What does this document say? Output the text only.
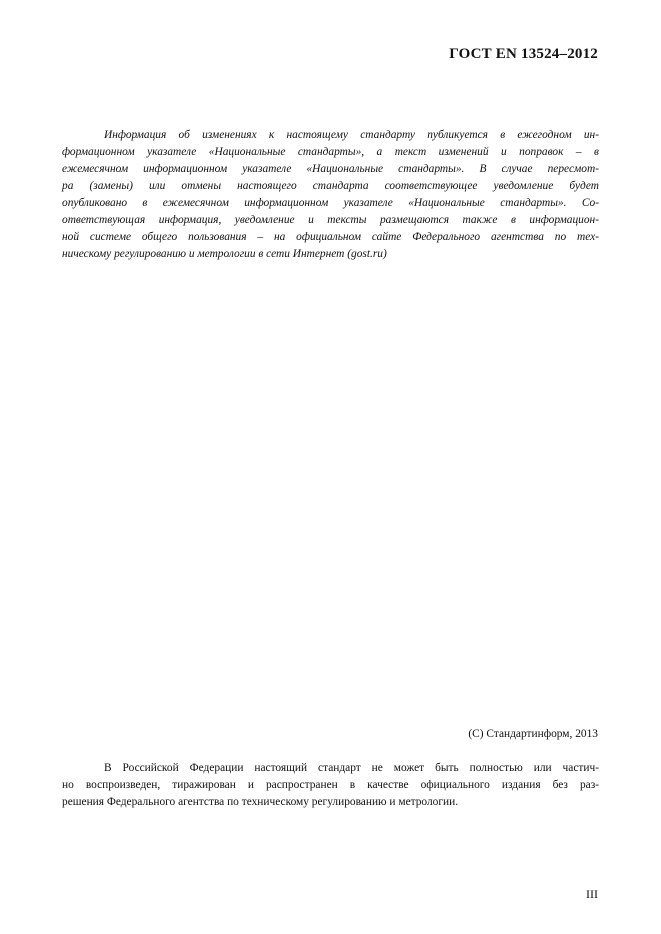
ГОСТ EN 13524–2012
Информация об изменениях к настоящему стандарту публикуется в ежегодном ин-
формационном указателе «Национальные стандарты», а текст изменений и поправок – в
ежемесячном информационном указателе «Национальные стандарты». В случае пересмот-
ра (замены) или отмены настоящего стандарта соответствующее уведомление будет
опубликовано в ежемесячном информационном указателе «Национальные стандарты». Со-
ответствующая информация, уведомление и тексты размещаются также в информацион-
ной системе общего пользования – на официальном сайте Федерального агентства по тех-
ническому регулированию и метрологии в сети Интернет (gost.ru)
(С) Стандартинформ, 2013
В Российской Федерации настоящий стандарт не может быть полностью или частич-
но воспроизведен, тиражирован и распространен в качестве официального издания без раз-
решения Федерального агентства по техническому регулированию и метрологии.
III
